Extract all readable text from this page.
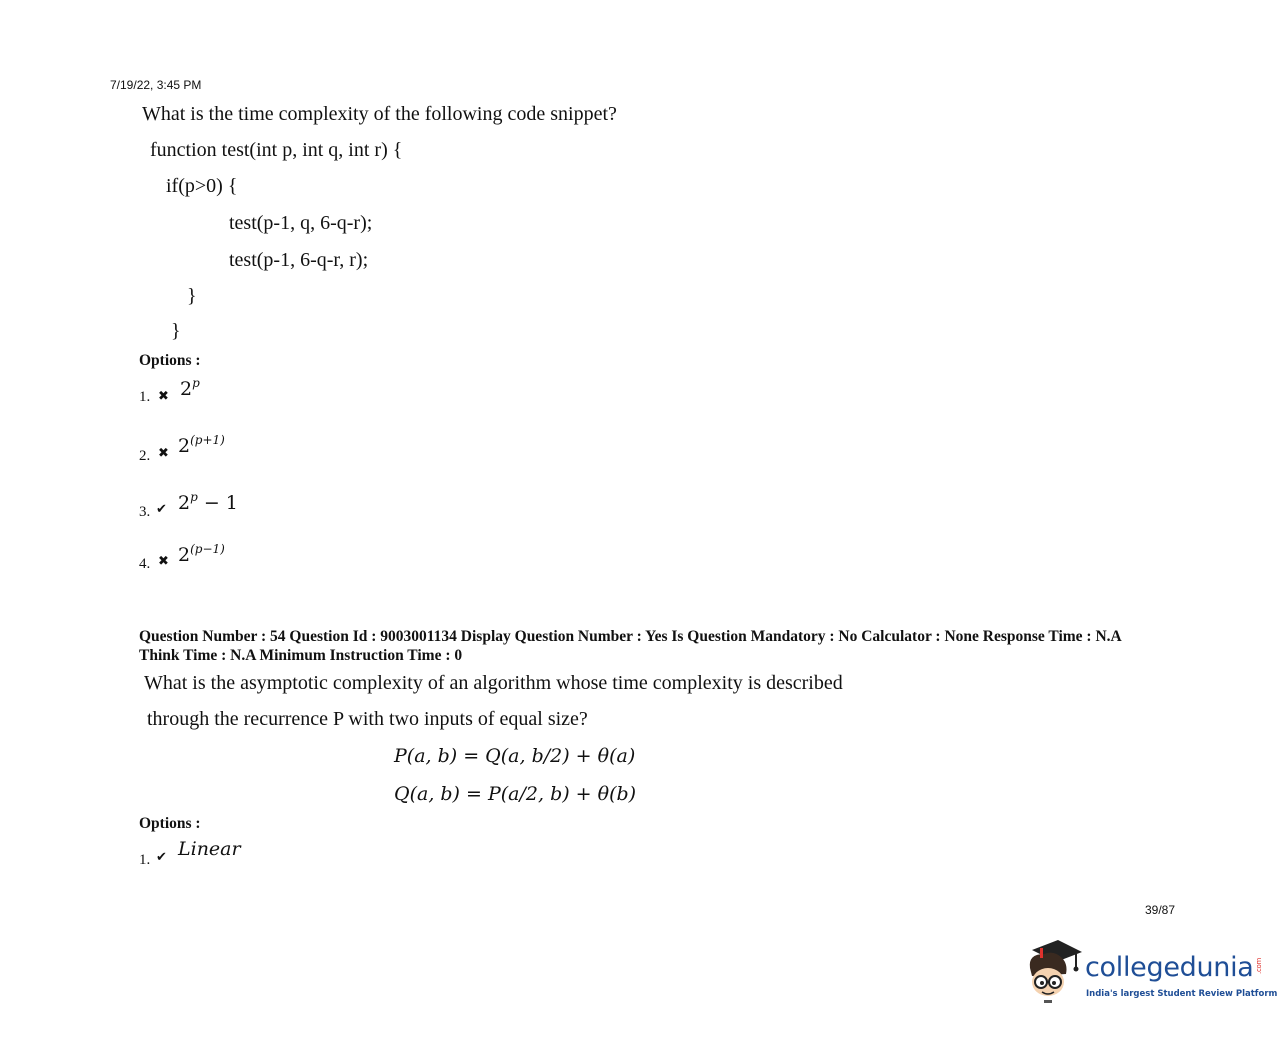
7/19/22, 3:45 PM
What is the time complexity of the following code snippet?
function test(int p, int q, int r) {
if(p>0) {
test(p-1, q, 6-q-r);
test(p-1, 6-q-r, r);
}
}
Options :
1. ✖ 2$^p$
2. ✖ $2^{(p+1)}$
3. ✔ $2^p - 1$
4. ✖ $2^{(p-1)}$
Question Number : 54 Question Id : 9003001134 Display Question Number : Yes Is Question Mandatory : No Calculator : None Response Time : N.A Think Time : N.A Minimum Instruction Time : 0
What is the asymptotic complexity of an algorithm whose time complexity is described
through the recurrence P with two inputs of equal size?
P(a, b) = Q(a, b/2) + θ(a)
Q(a, b) = P(a/2, b) + θ(b)
Options :
1. ✔ Linear
39/87
collegedunia.com
India's largest Student Review Platform
